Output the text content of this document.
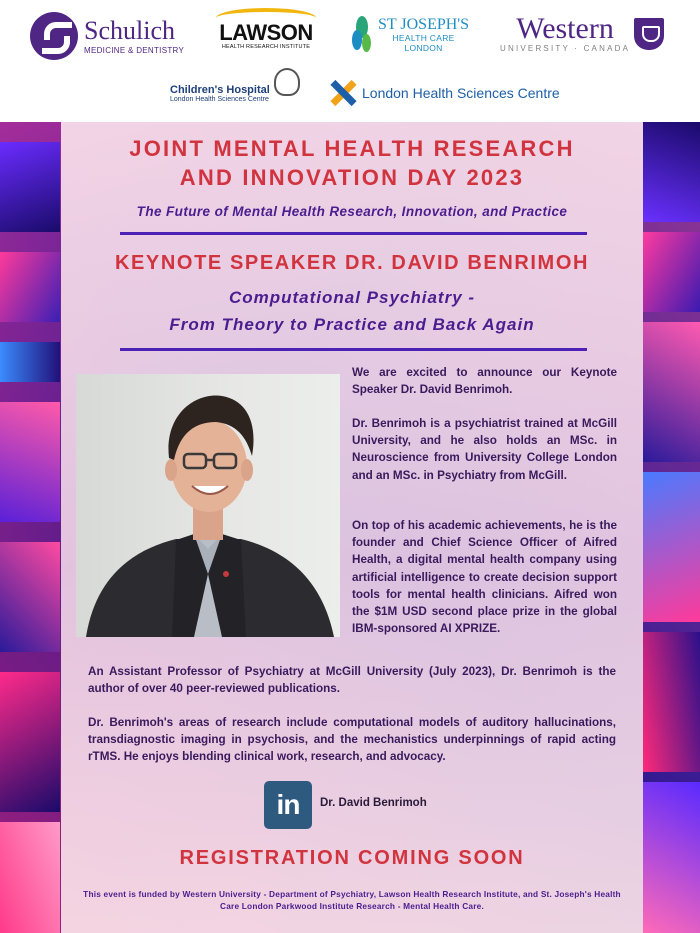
Schulich
MEDICINE & DENTISTRY
LAWSON
HEALTH RESEARCH INSTITUTE
ST JOSEPH'S
HEALTH CARE
LONDON
Western
UNIVERSITY · CANADA
Children's Hospital
London Health Sciences Centre	London Health Sciences Centre
JOINT MENTAL HEALTH RESEARCH
AND INNOVATION DAY 2023
The Future of Mental Health Research, Innovation, and Practice
KEYNOTE SPEAKER DR. DAVID BENRIMOH
Computational Psychiatry -
From Theory to Practice and Back Again
We are excited to announce our Keynote Speaker Dr. David Benrimoh.
Dr. Benrimoh is a psychiatrist trained at McGill University, and he also holds an MSc. in Neuroscience from University College London and an MSc. in Psychiatry from McGill.
On top of his academic achievements, he is the founder and Chief Science Officer of Aifred Health, a digital mental health company using artificial intelligence to create decision support tools for mental health clinicians. Aifred won the $1M USD second place prize in the global IBM-sponsored AI XPRIZE.
An Assistant Professor of Psychiatry at McGill University (July 2023), Dr. Benrimoh is the author of over 40 peer-reviewed publications.
Dr. Benrimoh's areas of research include computational models of auditory hallucinations, transdiagnostic imaging in psychosis, and the mechanistics underpinnings of rapid acting rTMS. He enjoys blending clinical work, research, and advocacy.
in	Dr. David Benrimoh
REGISTRATION COMING SOON
This event is funded by Western University - Department of Psychiatry, Lawson Health Research Institute, and St. Joseph's Health Care London Parkwood Institute Research - Mental Health Care.
